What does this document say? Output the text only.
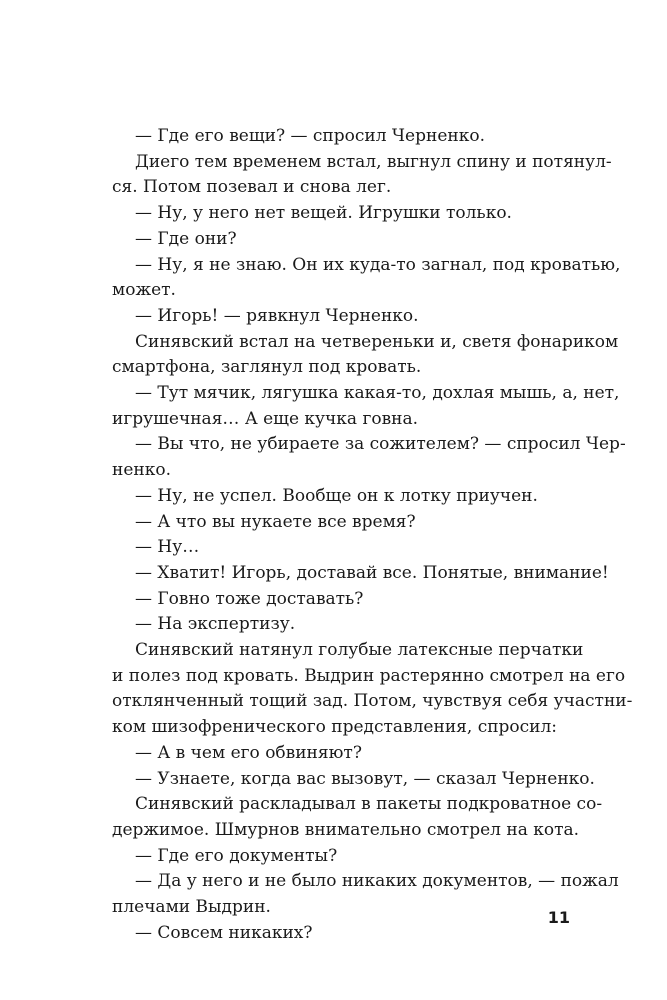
— Где его вещи? — спросил Черненко.
Диего тем временем встал, выгнул спину и потянул-
ся. Потом позевал и снова лег.
— Ну, у него нет вещей. Игрушки только.
— Где они?
— Ну, я не знаю. Он их куда-то загнал, под кроватью,
может.
— Игорь! — рявкнул Черненко.
Синявский встал на четвереньки и, светя фонариком
смартфона, заглянул под кровать.
— Тут мячик, лягушка какая-то, дохлая мышь, а, нет,
игрушечная… А еще кучка говна.
— Вы что, не убираете за сожителем? — спросил Чер-
ненко.
— Ну, не успел. Вообще он к лотку приучен.
— А что вы нукаете все время?
— Ну…
— Хватит! Игорь, доставай все. Понятые, внимание!
— Говно тоже доставать?
— На экспертизу.
Синявский натянул голубые латексные перчатки
и полез под кровать. Выдрин растерянно смотрел на его
отклянченный тощий зад. Потом, чувствуя себя участни-
ком шизофренического представления, спросил:
— А в чем его обвиняют?
— Узнаете, когда вас вызовут, — сказал Черненко.
Синявский раскладывал в пакеты подкроватное со-
держимое. Шмурнов внимательно смотрел на кота.
— Где его документы?
— Да у него и не было никаких документов, — пожал
плечами Выдрин.
— Совсем никаких?
11
